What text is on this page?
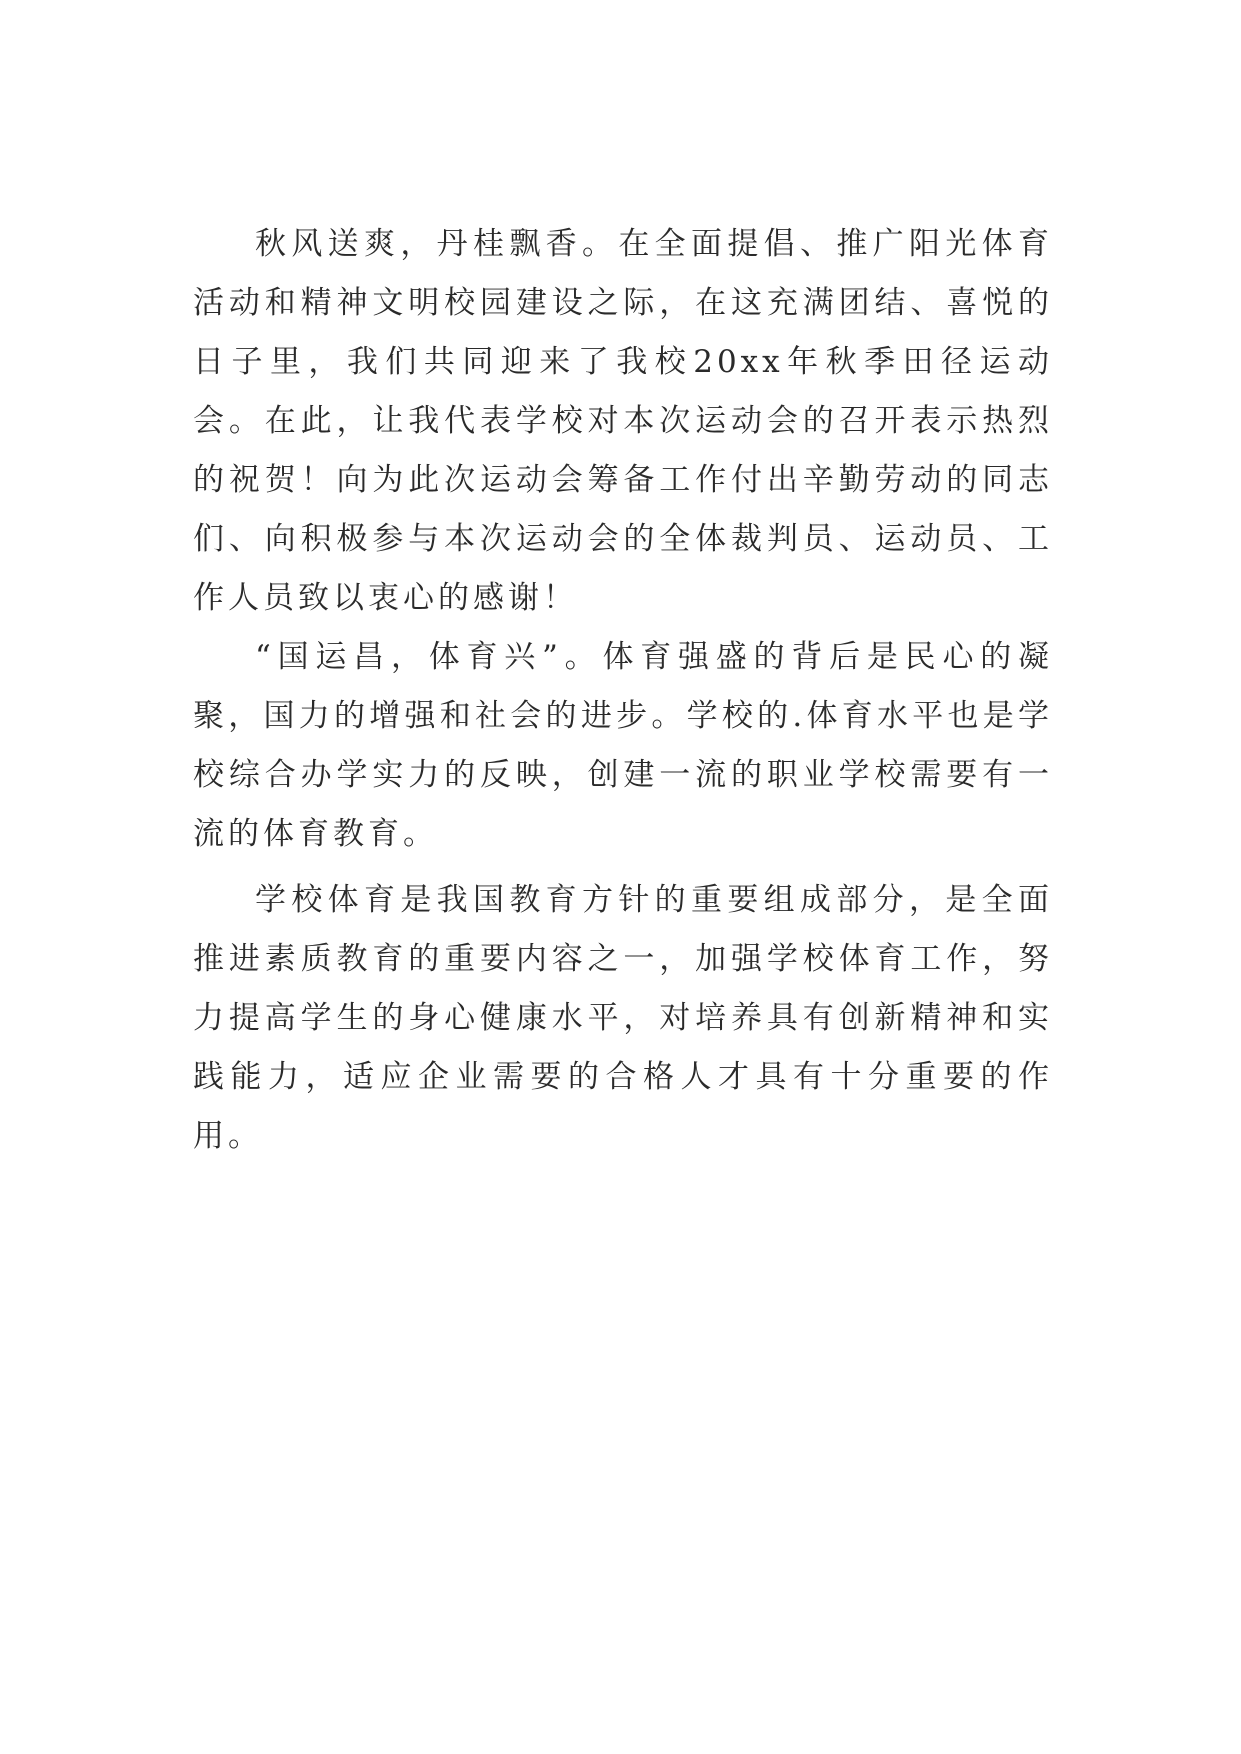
秋风送爽，丹桂飘香。在全面提倡、推广阳光体育活动和精神文明校园建设之际，在这充满团结、喜悦的日子里，我们共同迎来了我校20xx年秋季田径运动会。在此，让我代表学校对本次运动会的召开表示热烈的祝贺！向为此次运动会筹备工作付出辛勤劳动的同志们、向积极参与本次运动会的全体裁判员、运动员、工作人员致以衷心的感谢！

“国运昌，体育兴”。体育强盛的背后是民心的凝聚，国力的增强和社会的进步。学校的.体育水平也是学校综合办学实力的反映，创建一流的职业学校需要有一流的体育教育。

学校体育是我国教育方针的重要组成部分，是全面推进素质教育的重要内容之一，加强学校体育工作，努力提高学生的身心健康水平，对培养具有创新精神和实践能力，适应企业需要的合格人才具有十分重要的作用。
